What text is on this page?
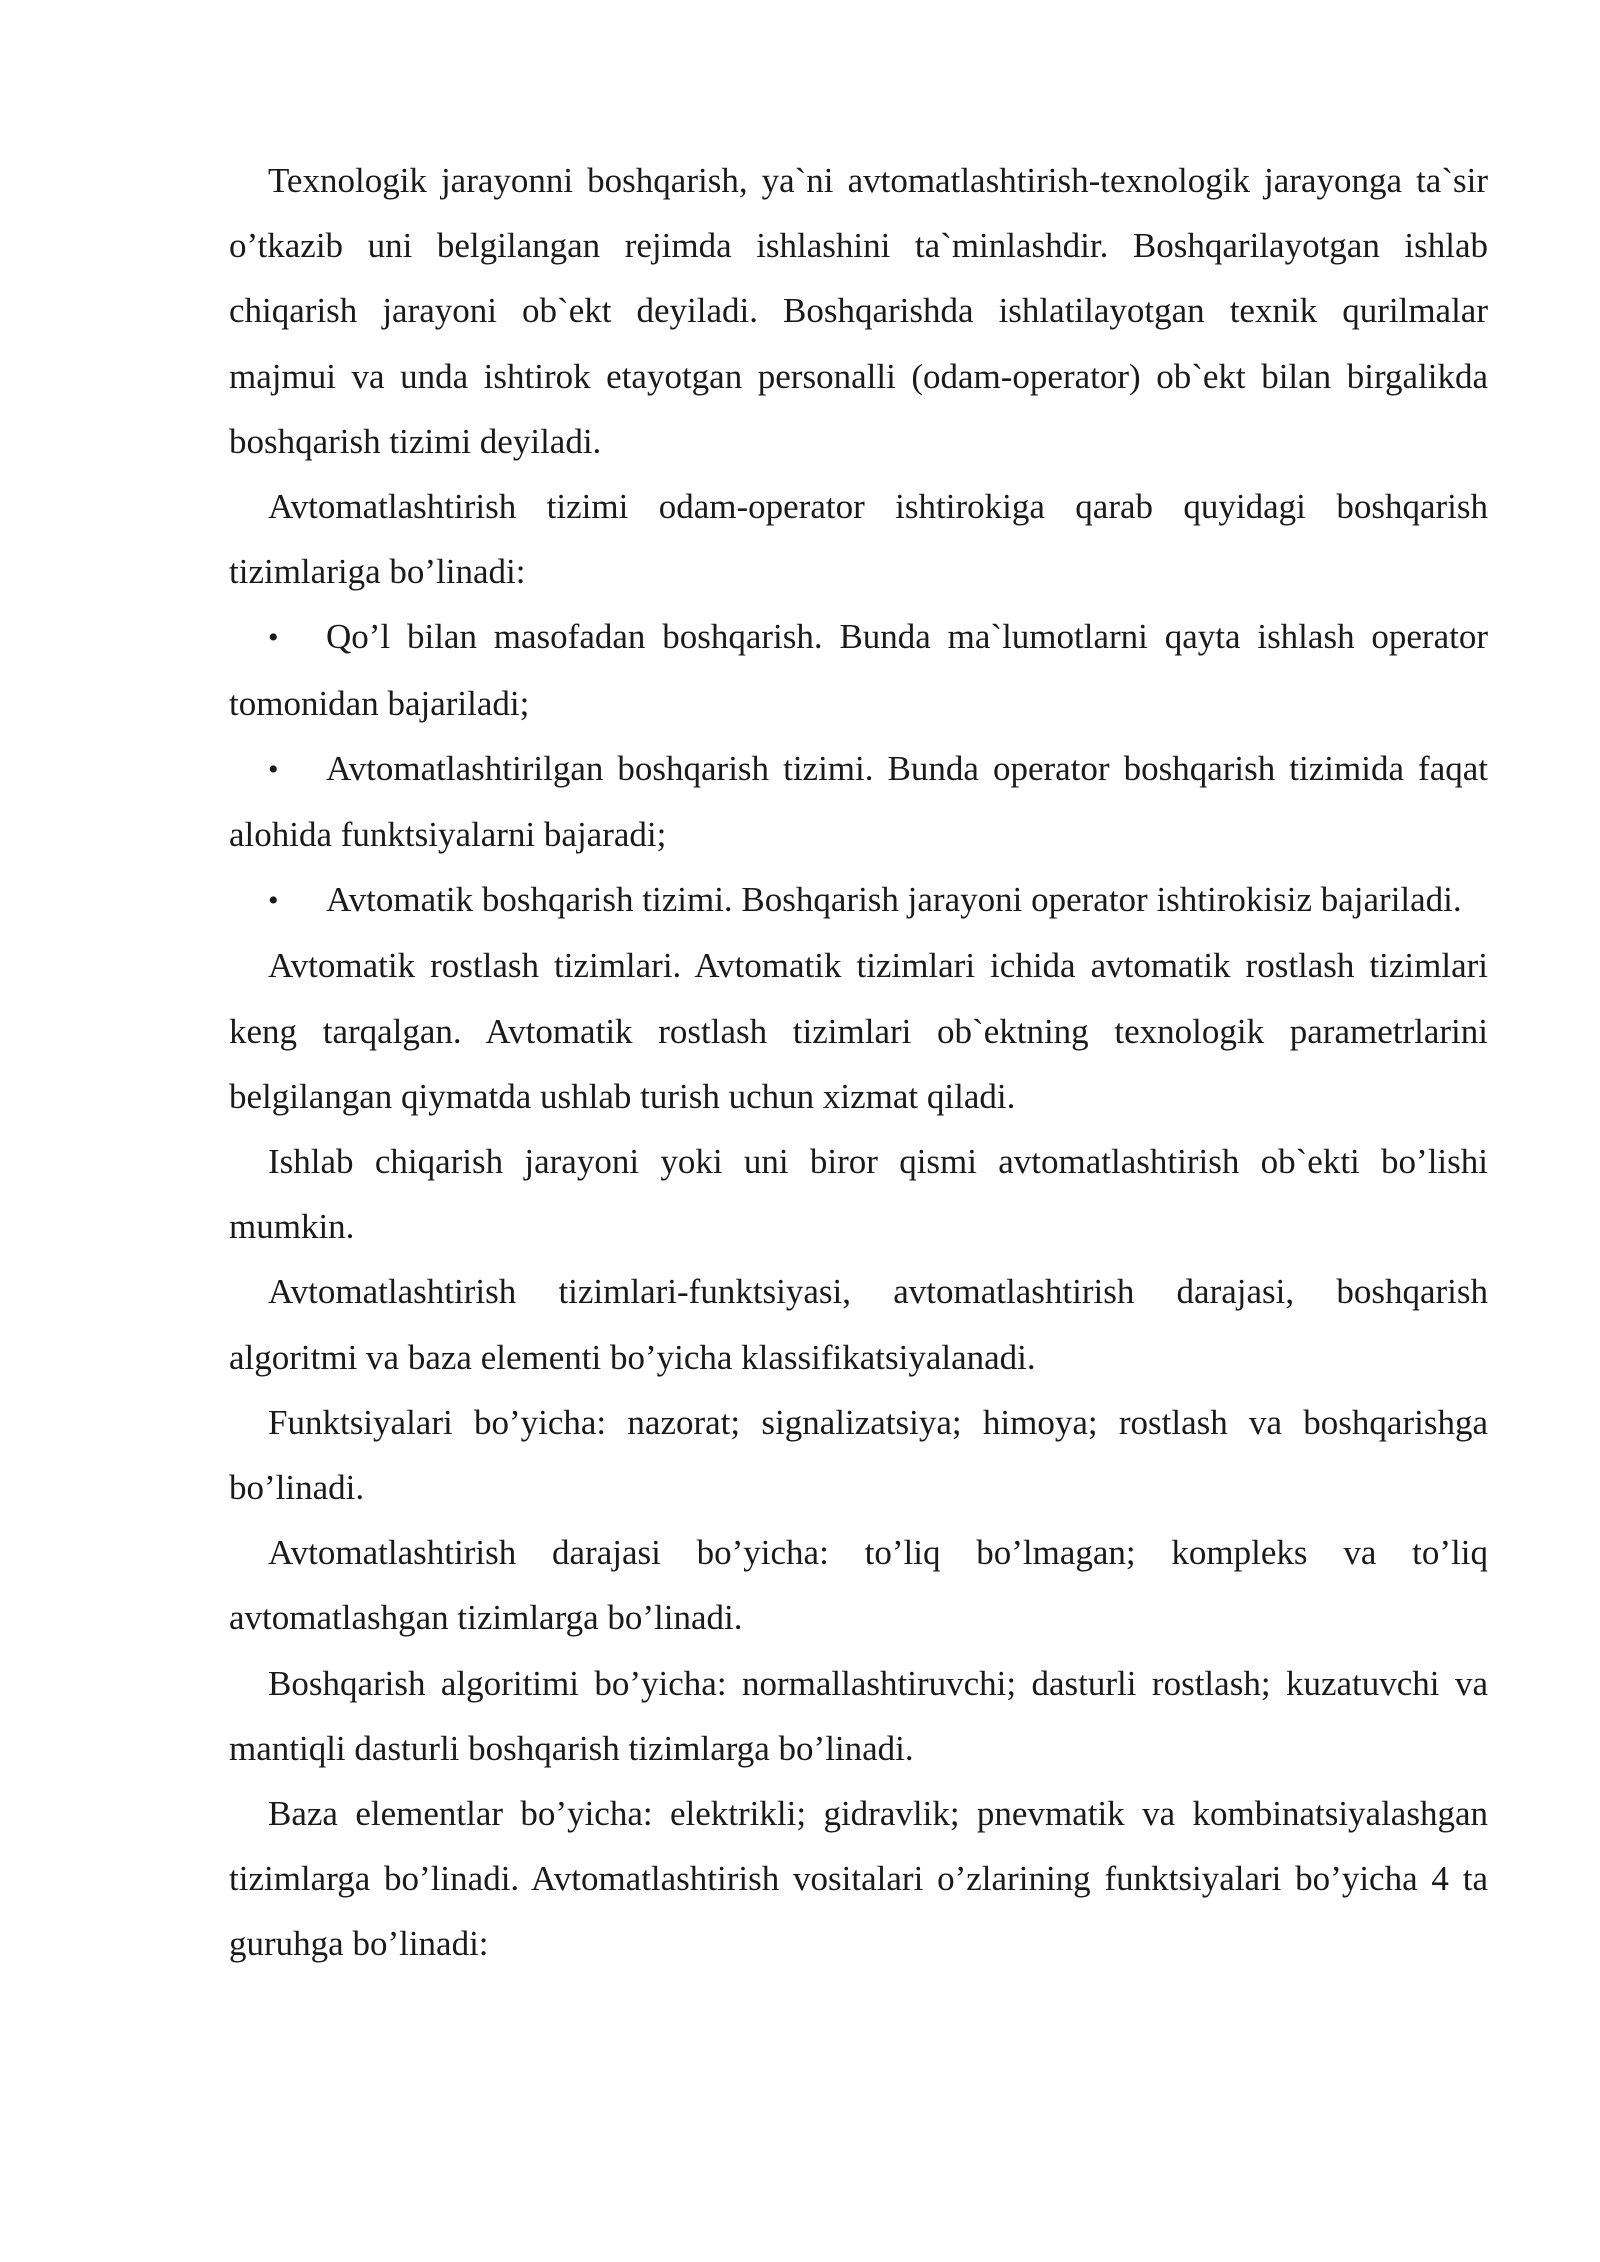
Texnologik jarayonni boshqarish, ya`ni avtomatlashtirish-texnologik jarayonga ta`sir o’tkazib uni belgilangan rejimda ishlashini ta`minlashdir. Boshqarilayotgan ishlab chiqarish jarayoni ob`ekt deyiladi. Boshqarishda ishlatilayotgan texnik qurilmalar majmui va unda ishtirok etayotgan personalli (odam-operator) ob`ekt bilan birgalikda boshqarish tizimi deyiladi.

Avtomatlashtirish tizimi odam-operator ishtirokiga qarab quyidagi boshqarish tizimlariga bo’linadi:

• Qo’l bilan masofadan boshqarish. Bunda ma`lumotlarni qayta ishlash operator tomonidan bajariladi;

• Avtomatlashtirilgan boshqarish tizimi. Bunda operator boshqarish tizimida faqat alohida funktsiyalarni bajaradi;

• Avtomatik boshqarish tizimi. Boshqarish jarayoni operator ishtirokisiz bajariladi.

Avtomatik rostlash tizimlari. Avtomatik tizimlari ichida avtomatik rostlash tizimlari keng tarqalgan. Avtomatik rostlash tizimlari ob`ektning texnologik parametrlarini belgilangan qiymatda ushlab turish uchun xizmat qiladi.

Ishlab chiqarish jarayoni yoki uni biror qismi avtomatlashtirish ob`ekti bo’lishi mumkin.

Avtomatlashtirish tizimlari-funktsiyasi, avtomatlashtirish darajasi, boshqarish algoritmi va baza elementi bo’yicha klassifikatsiyalanadi.

Funktsiyalari bo’yicha: nazorat; signalizatsiya; himoya; rostlash va boshqarishga bo’linadi.

Avtomatlashtirish darajasi bo’yicha: to’liq bo’lmagan; kompleks va to’liq avtomatlashgan tizimlarga bo’linadi.

Boshqarish algoritimi bo’yicha: normallashtiruvchi; dasturli rostlash; kuzatuvchi va mantiqli dasturli boshqarish tizimlarga bo’linadi.

Baza elementlar bo’yicha: elektrikli; gidravlik; pnevmatik va kombinatsiyalashgan tizimlarga bo’linadi. Avtomatlashtirish vositalari o’zlarining funktsiyalari bo’yicha 4 ta guruhga bo’linadi:
